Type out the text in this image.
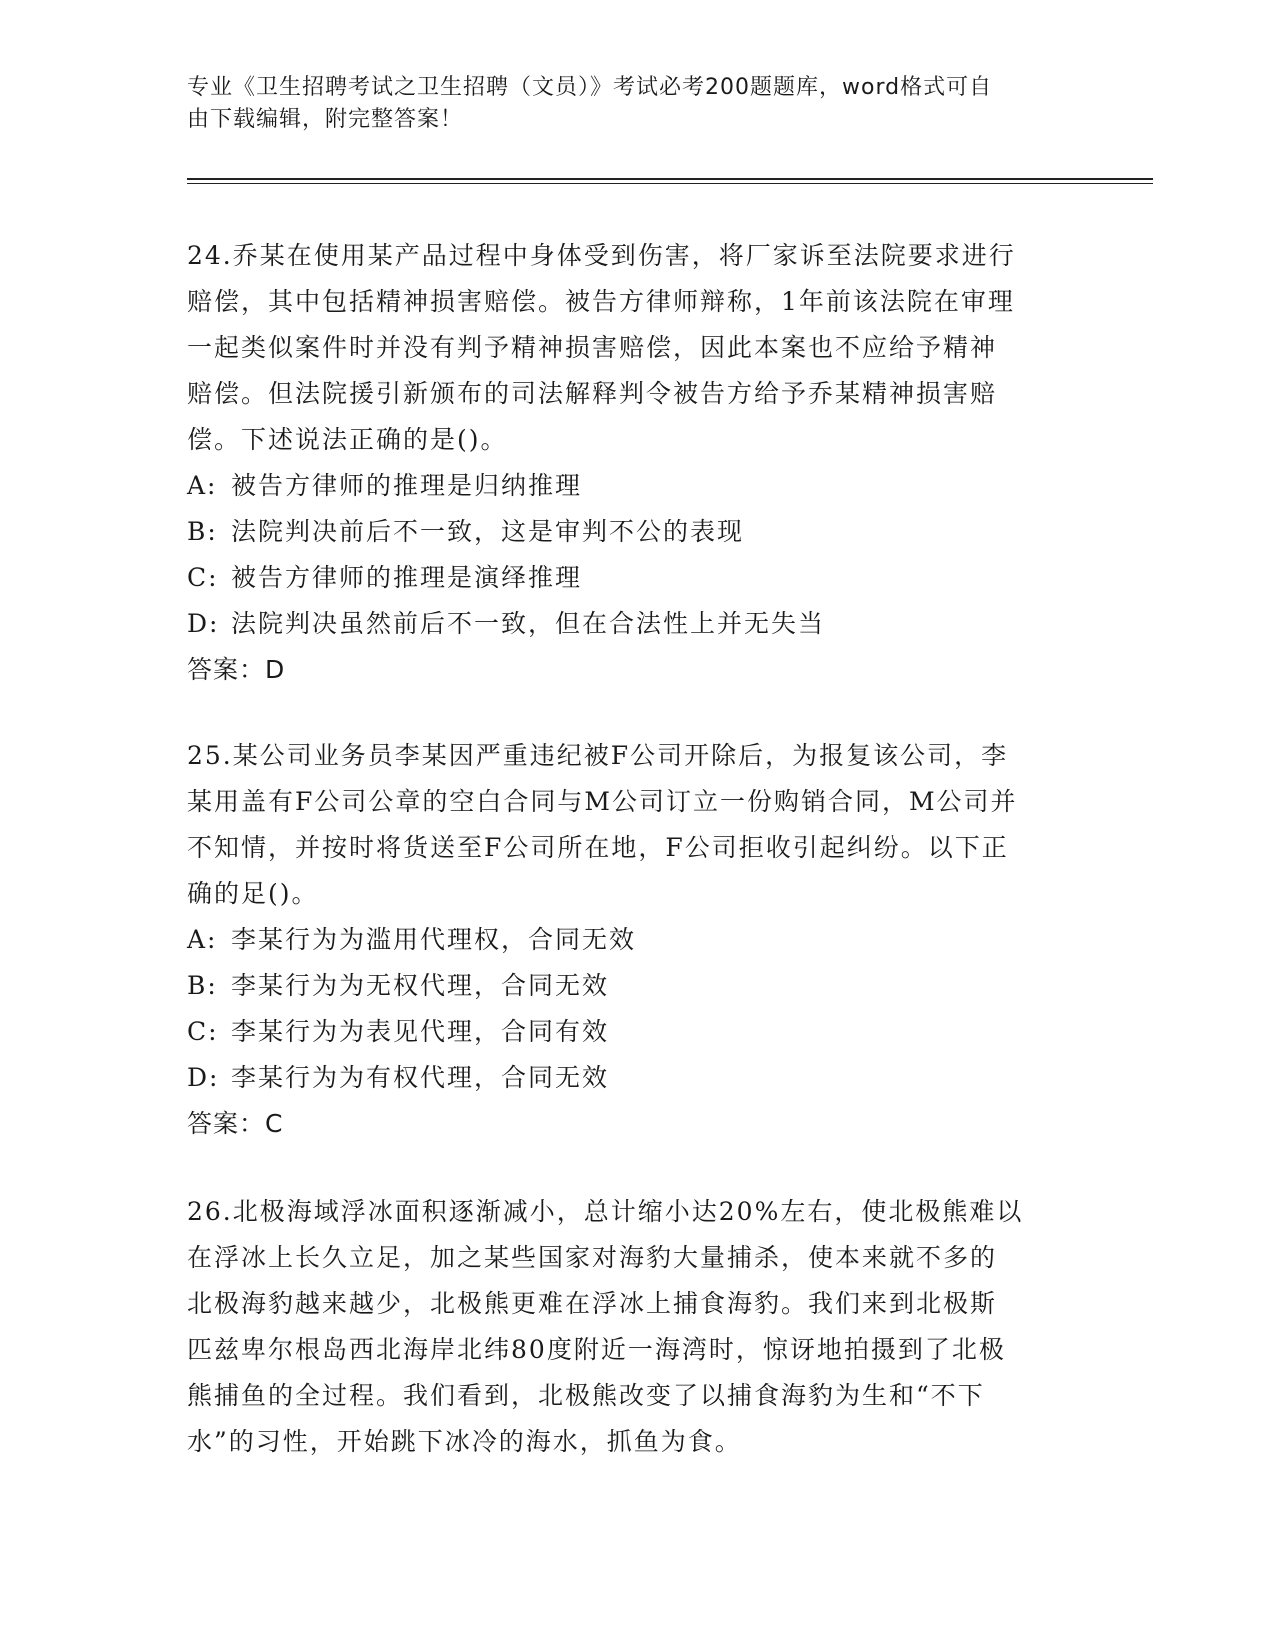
专业《卫生招聘考试之卫生招聘（文员）》考试必考200题题库，word格式可自
由下载编辑，附完整答案！

24.乔某在使用某产品过程中身体受到伤害，将厂家诉至法院要求进行

赔偿，其中包括精神损害赔偿。被告方律师辩称，1年前该法院在审理

一起类似案件时并没有判予精神损害赔偿，因此本案也不应给予精神

赔偿。但法院援引新颁布的司法解释判令被告方给予乔某精神损害赔

偿。下述说法正确的是()。

A: 被告方律师的推理是归纳推理

B: 法院判决前后不一致，这是审判不公的表现

C: 被告方律师的推理是演绎推理

D: 法院判决虽然前后不一致，但在合法性上并无失当

答案：D

25.某公司业务员李某因严重违纪被F公司开除后，为报复该公司，李

某用盖有F公司公章的空白合同与M公司订立一份购销合同，M公司并

不知情，并按时将货送至F公司所在地，F公司拒收引起纠纷。以下正

确的足()。

A: 李某行为为滥用代理权，合同无效

B: 李某行为为无权代理，合同无效

C: 李某行为为表见代理，合同有效

D: 李某行为为有权代理，合同无效

答案：C

26.北极海域浮冰面积逐渐减小，总计缩小达20%左右，使北极熊难以

在浮冰上长久立足，加之某些国家对海豹大量捕杀，使本来就不多的

北极海豹越来越少，北极熊更难在浮冰上捕食海豹。我们来到北极斯

匹兹卑尔根岛西北海岸北纬80度附近一海湾时，惊讶地拍摄到了北极

熊捕鱼的全过程。我们看到，北极熊改变了以捕食海豹为生和“不下

水”的习性，开始跳下冰冷的海水，抓鱼为食。
